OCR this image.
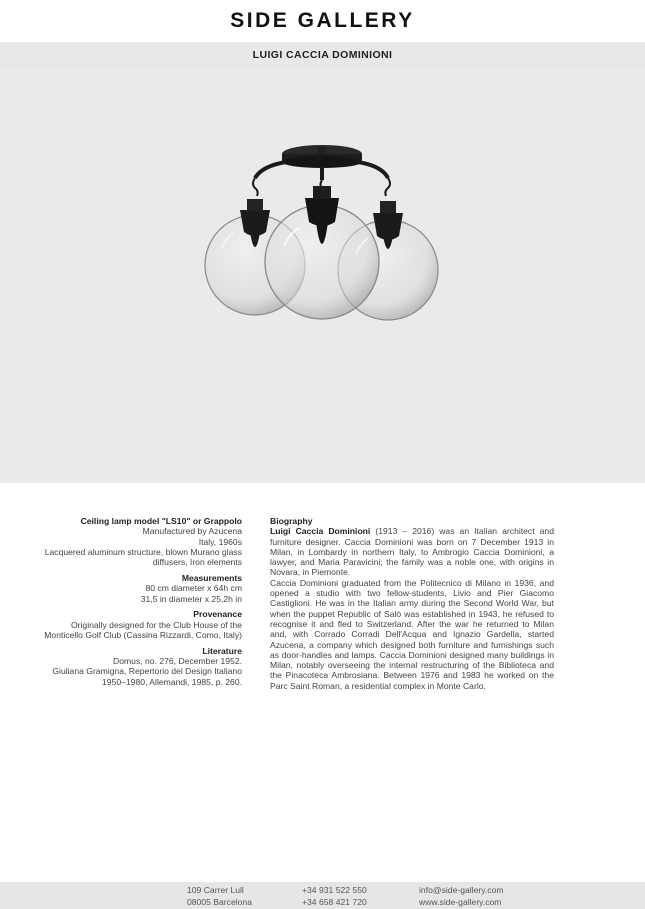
SIDE GALLERY
LUIGI CACCIA DOMINIONI
Ceiling lamp model "LS10" or Grappolo
Manufactured by Azucena
Italy, 1960s
Lacquered aluminum structure, blown Murano glass
diffusers, Iron elements
Measurements
80 cm diameter x 64h cm
31,5 in diameter x 25,2h in
Provenance
Originally designed for the Club House of the
Monticello Golf Club (Cassina Rizzardi, Como, Italy)
Literature
Domus, no. 276, December 1952.
Giuliana Gramigna, Repertorio del Design Italiano
1950–1980, Allemandi, 1985, p. 260.
Biography

Luigi Caccia Dominioni (1913 – 2016) was an Italian architect and furniture designer. Caccia Dominioni was born on 7 December 1913 in Milan, in Lombardy in northern Italy, to Ambrogio Caccia Dominioni, a lawyer, and Maria Paravicini; the family was a noble one, with origins in Novara, in Piemonte.

Caccia Dominioni graduated from the Politecnico di Milano in 1936, and opened a studio with two fellow-students, Livio and Pier Giacomo Castiglioni. He was in the Italian army during the Second World War, but when the puppet Republic of Salò was established in 1943, he refused to recognise it and fled to Switzerland. After the war he returned to Milan and, with Corrado Corradi Dell'Acqua and Ignazio Gardella, started Azucena, a company which designed both furniture and furnishings such as door-handles and lamps. Caccia Dominioni designed many buildings in Milan, notably overseeing the internal restructuring of the Biblioteca and the Pinacoteca Ambrosiana. Between 1976 and 1983 he worked on the Parc Saint Roman, a residential complex in Monte Carlo.

109 Carrer Lull
08005 Barcelona
+34 931 522 550
+34 658 421 720
info@side-gallery.com
www.side-gallery.com
